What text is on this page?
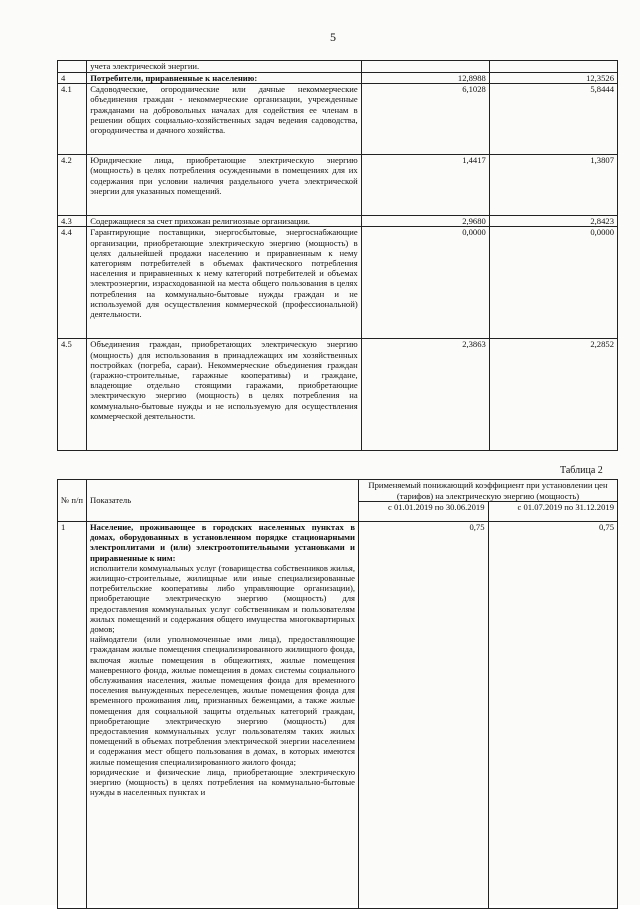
5
	учета электрической энергии.		
4	Потребители, приравненные к населению:	12,8988	12,3526
4.1	Садоводческие, огороднические или дачные некоммерческие объединения граждан - некоммерческие организации, учрежденные гражданами на добровольных началах для содействия ее членам в решении общих социально-хозяйственных задач ведения садоводства, огородничества и дачного хозяйства.	6,1028	5,8444
4.2	Юридические лица, приобретающие электрическую энергию (мощность) в целях потребления осужденными в помещениях для их содержания при условии наличия раздельного учета электрической энергии для указанных помещений.	1,4417	1,3807
4.3	Содержащиеся за счет прихожан религиозные организации.	2,9680	2,8423
4.4	Гарантирующие поставщики, энергосбытовые, энергоснабжающие организации, приобретающие электрическую энергию (мощность) в целях дальнейшей продажи населению и приравненным к нему категориям потребителей в объемах фактического потребления населения и приравненных к нему категорий потребителей и объемах электроэнергии, израсходованной на места общего пользования в целях потребления на коммунально-бытовые нужды граждан и не используемой для осуществления коммерческой (профессиональной) деятельности.	0,0000	0,0000
4.5	Объединения граждан, приобретающих электрическую энергию (мощность) для использования в принадлежащих им хозяйственных постройках (погреба, сараи). Некоммерческие объединения граждан (гаражно-строительные, гаражные кооперативы) и граждане, владеющие отдельно стоящими гаражами, приобретающие электрическую энергию (мощность) в целях потребления на коммунально-бытовые нужды и не используемую для осуществления коммерческой деятельности.	2,3863	2,2852
Таблица 2
№ п/п	Показатель	Применяемый понижающий коэффициент при установлении цен (тарифов) на электрическую энергию (мощность)	
		с 01.01.2019 по 30.06.2019	с 01.07.2019 по 31.12.2019
1	Население, проживающее в городских населенных пунктах в домах, оборудованных в установленном порядке стационарными электроплитами и (или) электроотопительными установками и приравненные к ним:

исполнители коммунальных услуг (товарищества собственников жилья, жилищно-строительные, жилищные или иные специализированные потребительские кооперативы либо управляющие организации), приобретающие электрическую энергию (мощность) для предоставления коммунальных услуг собственникам и пользователям жилых помещений и содержания общего имущества многоквартирных домов;

наймодатели (или уполномоченные ими лица), предоставляющие гражданам жилые помещения специализированного жилищного фонда, включая жилые помещения в общежитиях, жилые помещения маневренного фонда, жилые помещения в домах системы социального обслуживания населения, жилые помещения фонда для временного поселения вынужденных переселенцев, жилые помещения фонда для временного проживания лиц, признанных беженцами, а также жилые помещения для социальной защиты отдельных категорий граждан, приобретающие электрическую энергию (мощность) для предоставления коммунальных услуг пользователям таких жилых помещений в объемах потребления электрической энергии населением и содержания мест общего пользования в домах, в которых имеются жилые помещения специализированного жилого фонда;

юридические и физические лица, приобретающие электрическую энергию (мощность) в целях потребления на коммунально-бытовые нужды в населенных пунктах и	0,75	0,75
